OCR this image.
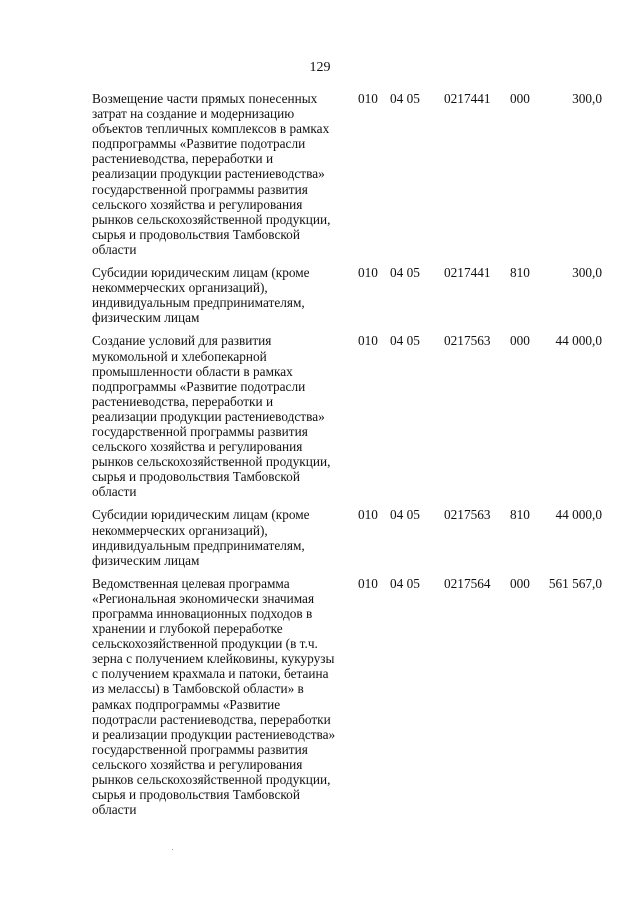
129
Возмещение части прямых понесенных
затрат на создание и модернизацию
объектов тепличных комплексов в рамках
подпрограммы «Развитие подотрасли
растениеводства, переработки и
реализации продукции растениеводства»
государственной программы развития
сельского хозяйства и регулирования
рынков сельскохозяйственной продукции,
сырья и продовольствия Тамбовской
области
010 04 05	0217441	000	300,0
Субсидии юридическим лицам (кроме
некоммерческих организаций),
индивидуальным предпринимателям,
физическим лицам
010 04 05	0217441	810	300,0
Создание условий для развития
мукомольной и хлебопекарной
промышленности области в рамках
подпрограммы «Развитие подотрасли
растениеводства, переработки и
реализации продукции растениеводства»
государственной программы развития
сельского хозяйства и регулирования
рынков сельскохозяйственной продукции,
сырья и продовольствия Тамбовской
области
010 04 05	0217563	000	44 000,0
Субсидии юридическим лицам (кроме
некоммерческих организаций),
индивидуальным предпринимателям,
физическим лицам
010 04 05	0217563	810	44 000,0
Ведомственная целевая программа
«Региональная экономически значимая
программа инновационных подходов в
хранении и глубокой переработке
сельскохозяйственной продукции (в т.ч.
зерна с получением клейковины, кукурузы
с получением крахмала и патоки, бетаина
из мелассы) в Тамбовской области» в
рамках подпрограммы «Развитие
подотрасли растениеводства, переработки
и реализации продукции растениеводства»
государственной программы развития
сельского хозяйства и регулирования
рынков сельскохозяйственной продукции,
сырья и продовольствия Тамбовской
области
010 04 05	0217564	000	561 567,0
